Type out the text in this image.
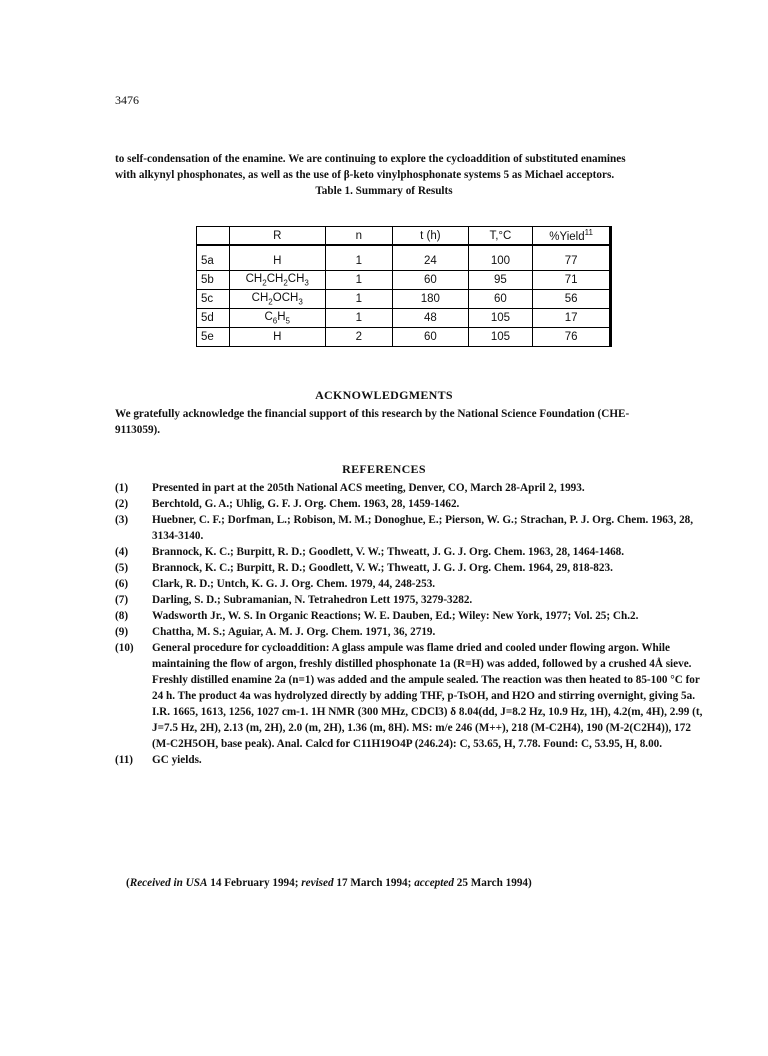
3476

to self-condensation of the enamine. We are continuing to explore the cycloaddition of substituted enamines

with alkynyl phosphonates, as well as the use of β-keto vinylphosphonate systems 5 as Michael acceptors.

Table 1. Summary of Results
	R	n	t (h)	T,°C	%Yield$^{11}$
5a	H	1	24	100	77
5b	$CH_2CH_2CH_3$	1	60	95	71
5c	$CH_2OCH_3$	1	180	60	56
5d	$C_6H_5$	1	48	105	17
5e	H	2	60	105	76
ACKNOWLEDGMENTS
We gratefully acknowledge the financial support of this research by the National Science Foundation (CHE-
9113059).
REFERENCES
(1) Presented in part at the 205th National ACS meeting, Denver, CO, March 28-April 2, 1993.
(2) Berchtold, G. A.; Uhlig, G. F. J. Org. Chem. 1963, 28, 1459-1462.
(3) Huebner, C. F.; Dorfman, L.; Robison, M. M.; Donoghue, E.; Pierson, W. G.; Strachan, P. J. Org. Chem. 1963, 28, 3134-3140.
(4) Brannock, K. C.; Burpitt, R. D.; Goodlett, V. W.; Thweatt, J. G. J. Org. Chem. 1963, 28, 1464-1468.
(5) Brannock, K. C.; Burpitt, R. D.; Goodlett, V. W.; Thweatt, J. G. J. Org. Chem. 1964, 29, 818-823.
(6) Clark, R. D.; Untch, K. G. J. Org. Chem. 1979, 44, 248-253.
(7) Darling, S. D.; Subramanian, N. Tetrahedron Lett 1975, 3279-3282.
(8) Wadsworth Jr., W. S. In Organic Reactions; W. E. Dauben, Ed.; Wiley: New York, 1977; Vol. 25; Ch.2.
(9) Chattha, M. S.; Aguiar, A. M. J. Org. Chem. 1971, 36, 2719.
(10) General procedure for cycloaddition: A glass ampule was flame dried and cooled under flowing argon. While maintaining the flow of argon, freshly distilled phosphonate 1a (R=H) was added, followed by a crushed 4Å sieve. Freshly distilled enamine 2a (n=1) was added and the ampule sealed. The reaction was then heated to 85-100 °C for 24 h. The product 4a was hydrolyzed directly by adding THF, p-TsOH, and H2O and stirring overnight, giving 5a. I.R. 1665, 1613, 1256, 1027 cm-1. 1H NMR (300 MHz, CDCl3) δ 8.04(dd, J=8.2 Hz, 10.9 Hz, 1H), 4.2(m, 4H), 2.99 (t, J=7.5 Hz, 2H), 2.13 (m, 2H), 2.0 (m, 2H), 1.36 (m, 8H). MS: m/e 246 (M++), 218 (M-C2H4), 190 (M-2(C2H4)), 172 (M-C2H5OH, base peak). Anal. Calcd for C11H19O4P (246.24): C, 53.65, H, 7.78. Found: C, 53.95, H, 8.00.
(11) GC yields.
(Received in USA 14 February 1994; revised 17 March 1994; accepted 25 March 1994)
